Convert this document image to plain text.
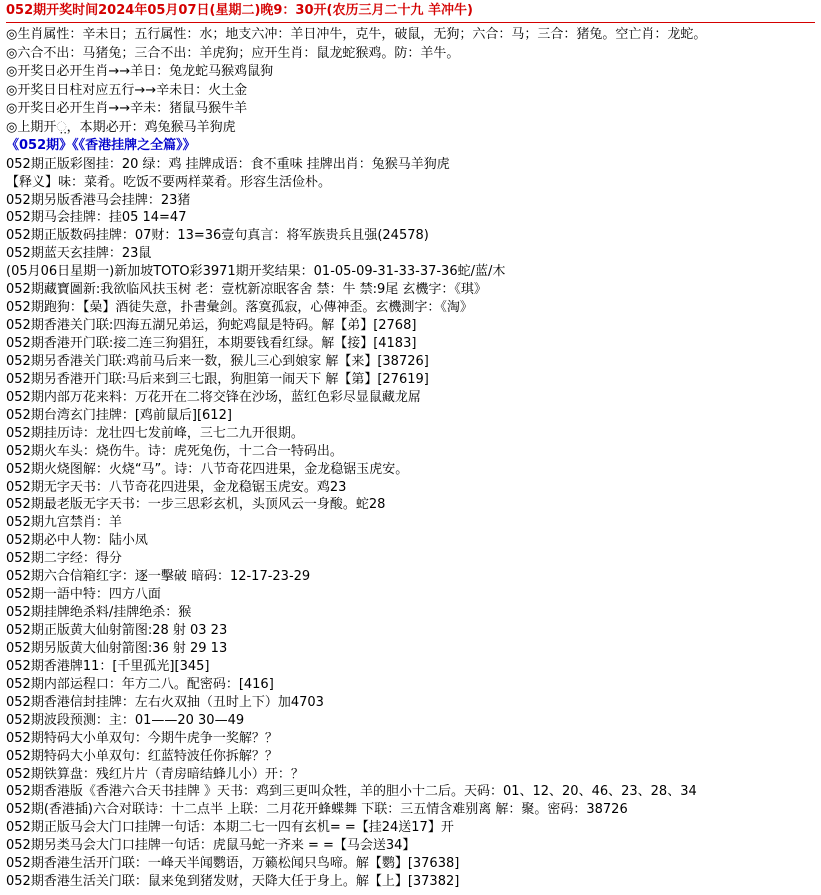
052期开奖时间2024年05月07日(星期二)晚9：30开(农历三月二十九 羊冲牛)
◎生肖属性：辛未日；五行属性：水；地支六冲：羊日冲牛，克牛，破鼠，无狗；六合：马；三合：猪兔。空亡肖：龙蛇。
◎六合不出：马猪兔；三合不出：羊虎狗；应开生肖：鼠龙蛇猴鸡。防：羊牛。
◎开奖日必开生肖→→羊日：兔龙蛇马猴鸡鼠狗
◎开奖日日柱对应五行→→辛未日：火土金
◎开奖日必开生肖→→辛未：猪鼠马猴牛羊
◎上期开಼，本期必开：鸡兔猴马羊狗虎
《052期》《《香港挂牌之全篇》》
052期正版彩图挂：20 绿：鸡 挂牌成语：食不重味 挂牌出肖：兔猴马羊狗虎
【释义】味：菜肴。吃饭不要两样菜肴。形容生活俭朴。
052期另版香港马会挂牌：23猪
052期马会挂牌：挂05 14=47
052期正版数码挂牌：07财：13=36壹句真言：将军族贵兵且强(24578)
052期蓝天玄挂牌：23鼠
(05月06日星期一)新加坡TOTO彩3971期开奖结果：01-05-09-31-33-37-36蛇/蓝/木
052期藏寶圖新:我欲临风扶玉树 老：壹枕新凉眠客舍 禁：牛 禁:9尾 玄機字：《琪》
052期跑狗：【喿】酒徒失意，扑書彙剑。落寞孤寂，心傳神歪。玄機測字：《淘》
052期香港关门联:四海五湖兄弟运，狗蛇鸡鼠是特码。解【弟】[2768]
052期香港开门联:接二连三狗猖狂，本期要钱看红绿。解【接】[4183]
052期另香港关门联:鸡前马后来一数，猴儿三心到娘家 解【来】[38726]
052期另香港开门联:马后来到三七跟，狗胆第一闹天下 解【第】[27619]
052期内部万花来料：万花开在二将交锋在沙场，蓝红色彩尽显鼠藏龙屌
052期台湾玄门挂牌：[鸡前鼠后][612]
052期挂历诗：龙壮四七发前峰，三七二九开很期。
052期火车头：烧伤牛。诗：虎死兔伤，十二合一特码出。
052期火烧图解：火烧“马”。诗：八节奇花四进果，金龙稳锯玉虎安。
052期无字天书：八节奇花四进果，金龙稳锯玉虎安。鸡23
052期最老版无字天书：一步三思彩玄机，头顶风云一身酸。蛇28
052期九宫禁肖：羊
052期必中人物：陆小凤
052期二字经：得分
052期六合信箱红字：逐一擊破 暗码：12-17-23-29
052期一語中特：四方八面
052期挂牌绝杀料/挂牌绝杀：猴
052期正版黄大仙射箭图:28 射 03 23
052期另版黄大仙射箭图:36 射 29 13
052期香港牌11：[千里孤光][345]
052期内部运程口：年方二八。配密码：[416]
052期香港信封挂牌：左右火双抽（丑时上下）加4703
052期波段预测：主：01——20 30—49
052期特码大小单双句：今期牛虎争一奖解？？
052期特码大小单双句：红蓝特波任你拆解？？
052期铁算盘：残红片片（青房暗结蜂儿小）开：？
052期香港版《香港六合天书挂牌 》天书：鸡到三更叫众牲，羊的胆小十二后。天码：01、12、20、46、23、28、34
052期(香港插)六合对联诗：十二点半 上联：二月花开蜂蝶舞 下联：三五情含难别离 解：聚。密码：38726
052期正版马会大门口挂牌一句话：本期二七一四有玄机= =【挂24送17】开
052期另类马会大门口挂牌一句话：虎鼠马蛇一齐来 = =【马会送34】
052期香港生活开门联：一峰天半闻鹦语，万籁松闻只鸟啼。解【鹦】[37638]
052期香港生活关门联：鼠来兔到猪发财，天降大任于身上。解【上】[37382]
